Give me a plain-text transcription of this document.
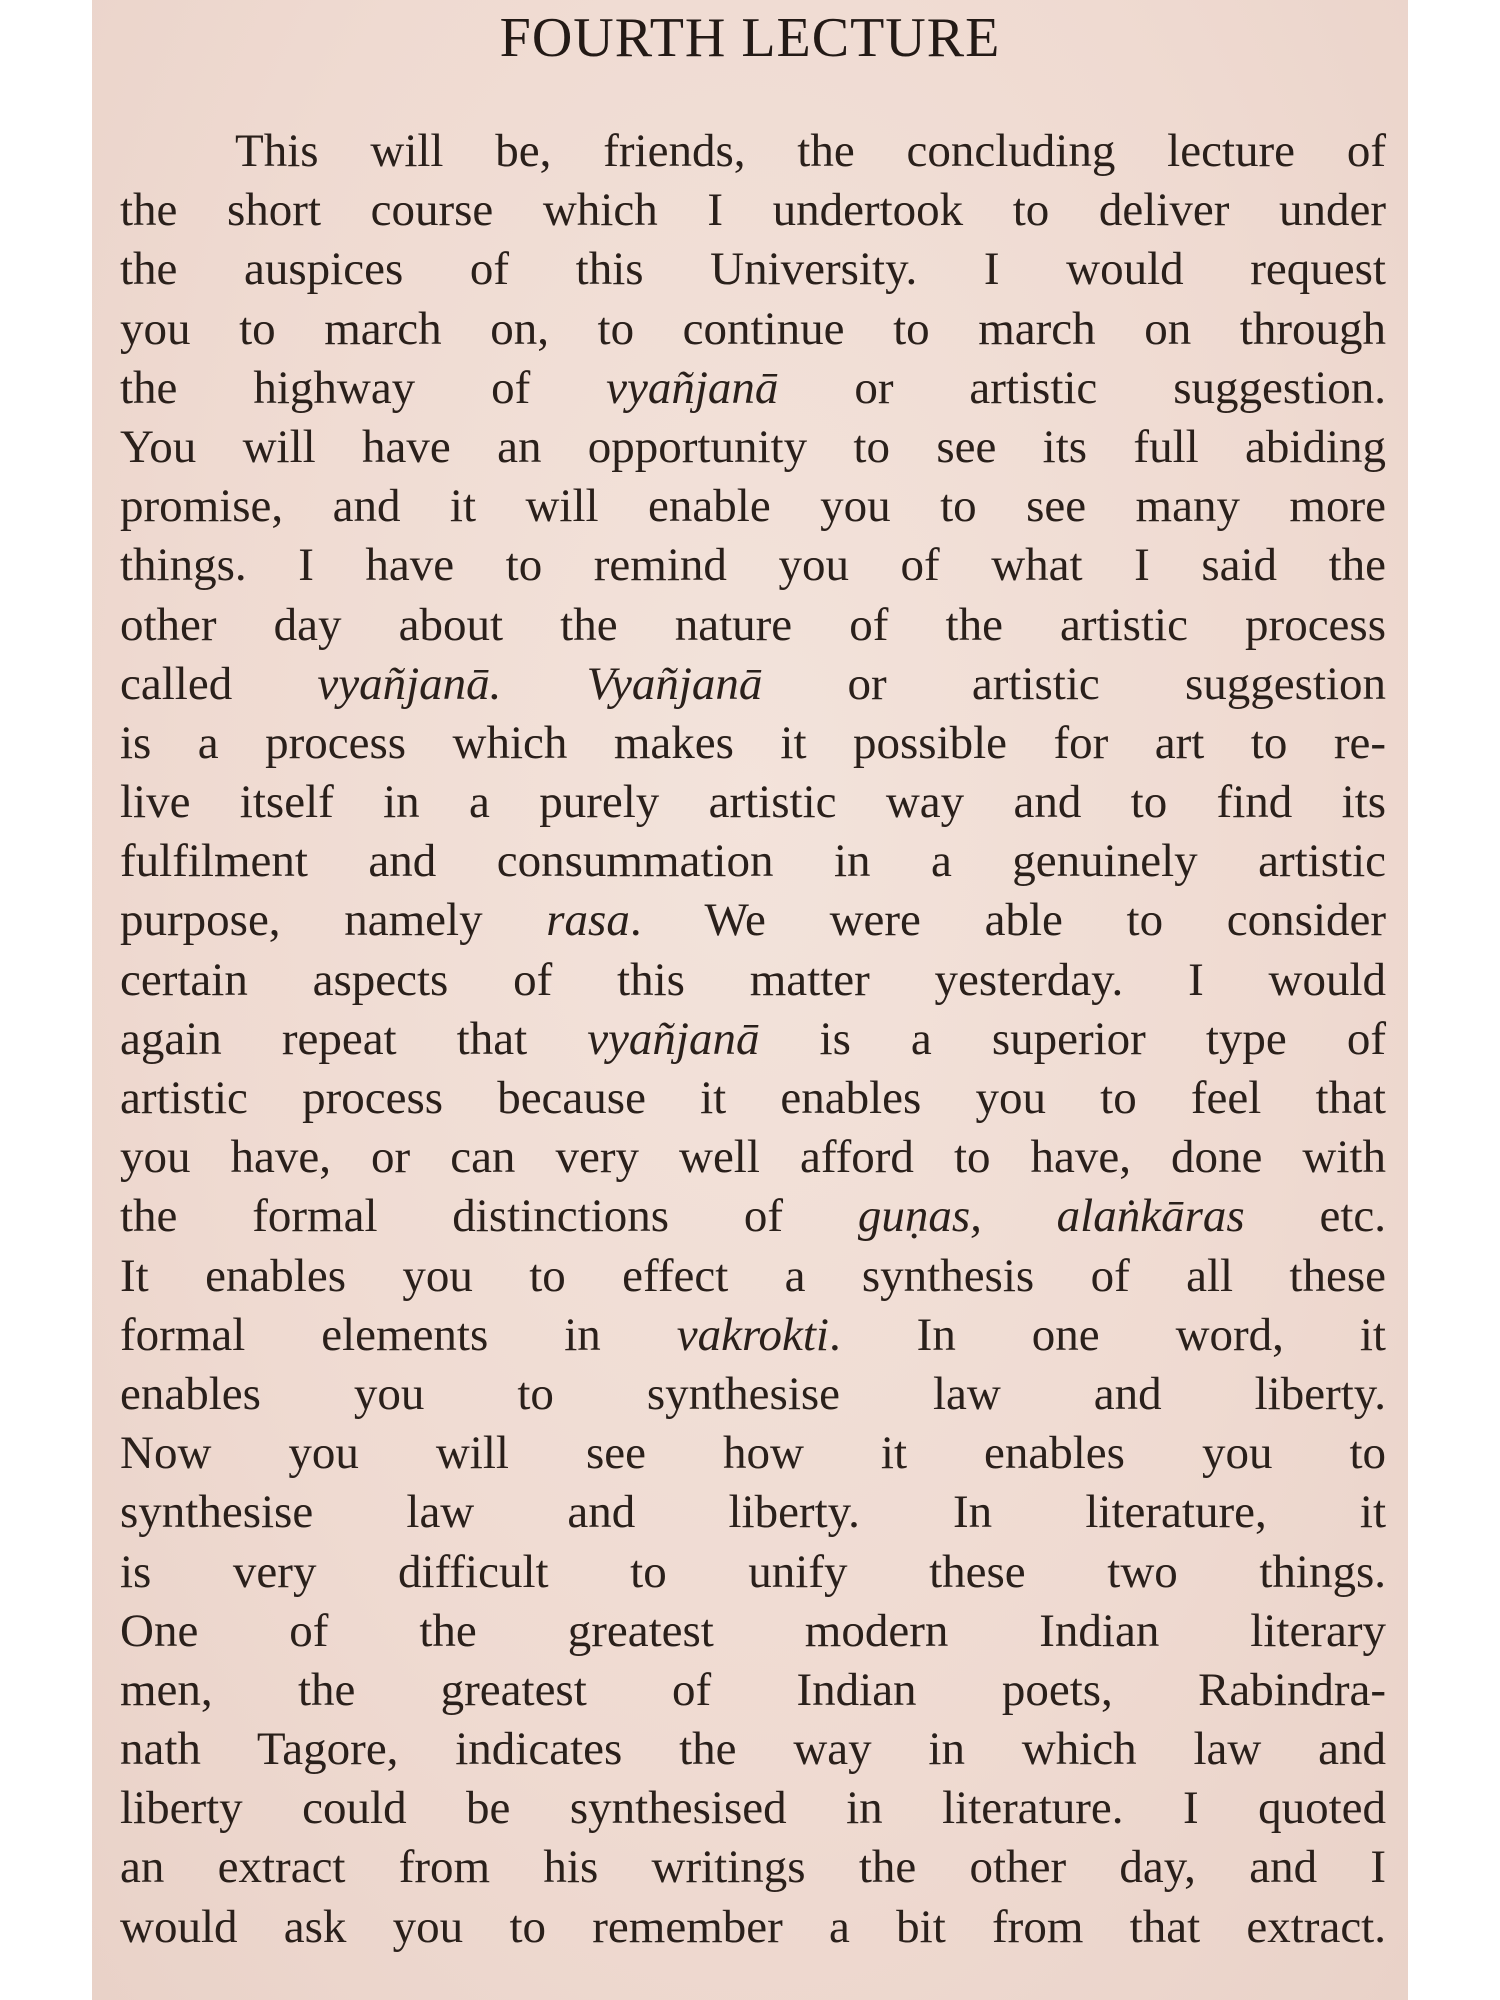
FOURTH LECTURE
This will be, friends, the concluding lecture of
the short course which I undertook to deliver under
the auspices of this University. I would request
you to march on, to continue to march on through
the highway of vyañjanā or artistic suggestion.
You will have an opportunity to see its full abiding
promise, and it will enable you to see many more
things. I have to remind you of what I said the
other day about the nature of the artistic process
called vyañjanā. Vyañjanā or artistic suggestion
is a process which makes it possible for art to re-
live itself in a purely artistic way and to find its
fulfilment and consummation in a genuinely artistic
purpose, namely rasa. We were able to consider
certain aspects of this matter yesterday. I would
again repeat that vyañjanā is a superior type of
artistic process because it enables you to feel that
you have, or can very well afford to have, done with
the formal distinctions of guṇas, alaṅkāras etc.
It enables you to effect a synthesis of all these
formal elements in vakrokti. In one word, it
enables you to synthesise law and liberty.
Now you will see how it enables you to
synthesise law and liberty. In literature, it
is very difficult to unify these two things.
One of the greatest modern Indian literary
men, the greatest of Indian poets, Rabindra-
nath Tagore, indicates the way in which law and
liberty could be synthesised in literature. I quoted
an extract from his writings the other day, and I
would ask you to remember a bit from that extract.
